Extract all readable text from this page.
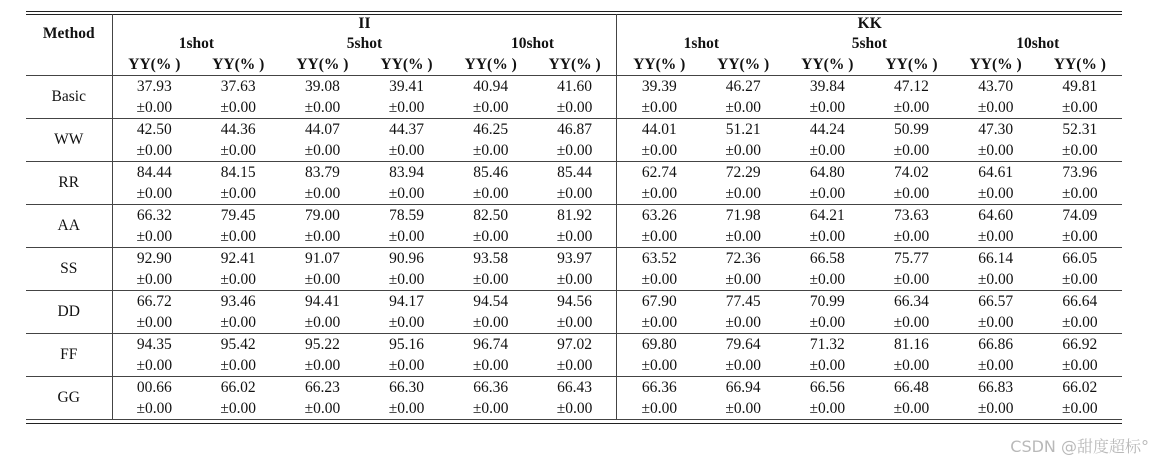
Method	II						KK					
	1shot		5shot		10shot		1shot		5shot		10shot	
	YY(% )	YY(% )	YY(% )	YY(% )	YY(% )	YY(% )	YY(% )	YY(% )	YY(% )	YY(% )	YY(% )	YY(% )
Basic	37.93	37.63	39.08	39.41	40.94	41.60	39.39	46.27	39.84	47.12	43.70	49.81
	±0.00	±0.00	±0.00	±0.00	±0.00	±0.00	±0.00	±0.00	±0.00	±0.00	±0.00	±0.00
WW	42.50	44.36	44.07	44.37	46.25	46.87	44.01	51.21	44.24	50.99	47.30	52.31
	±0.00	±0.00	±0.00	±0.00	±0.00	±0.00	±0.00	±0.00	±0.00	±0.00	±0.00	±0.00
RR	84.44	84.15	83.79	83.94	85.46	85.44	62.74	72.29	64.80	74.02	64.61	73.96
	±0.00	±0.00	±0.00	±0.00	±0.00	±0.00	±0.00	±0.00	±0.00	±0.00	±0.00	±0.00
AA	66.32	79.45	79.00	78.59	82.50	81.92	63.26	71.98	64.21	73.63	64.60	74.09
	±0.00	±0.00	±0.00	±0.00	±0.00	±0.00	±0.00	±0.00	±0.00	±0.00	±0.00	±0.00
SS	92.90	92.41	91.07	90.96	93.58	93.97	63.52	72.36	66.58	75.77	66.14	66.05
	±0.00	±0.00	±0.00	±0.00	±0.00	±0.00	±0.00	±0.00	±0.00	±0.00	±0.00	±0.00
DD	66.72	93.46	94.41	94.17	94.54	94.56	67.90	77.45	70.99	66.34	66.57	66.64
	±0.00	±0.00	±0.00	±0.00	±0.00	±0.00	±0.00	±0.00	±0.00	±0.00	±0.00	±0.00
FF	94.35	95.42	95.22	95.16	96.74	97.02	69.80	79.64	71.32	81.16	66.86	66.92
	±0.00	±0.00	±0.00	±0.00	±0.00	±0.00	±0.00	±0.00	±0.00	±0.00	±0.00	±0.00
GG	00.66	66.02	66.23	66.30	66.36	66.43	66.36	66.94	66.56	66.48	66.83	66.02
	±0.00	±0.00	±0.00	±0.00	±0.00	±0.00	±0.00	±0.00	±0.00	±0.00	±0.00	±0.00
CSDN @甜度超标°
